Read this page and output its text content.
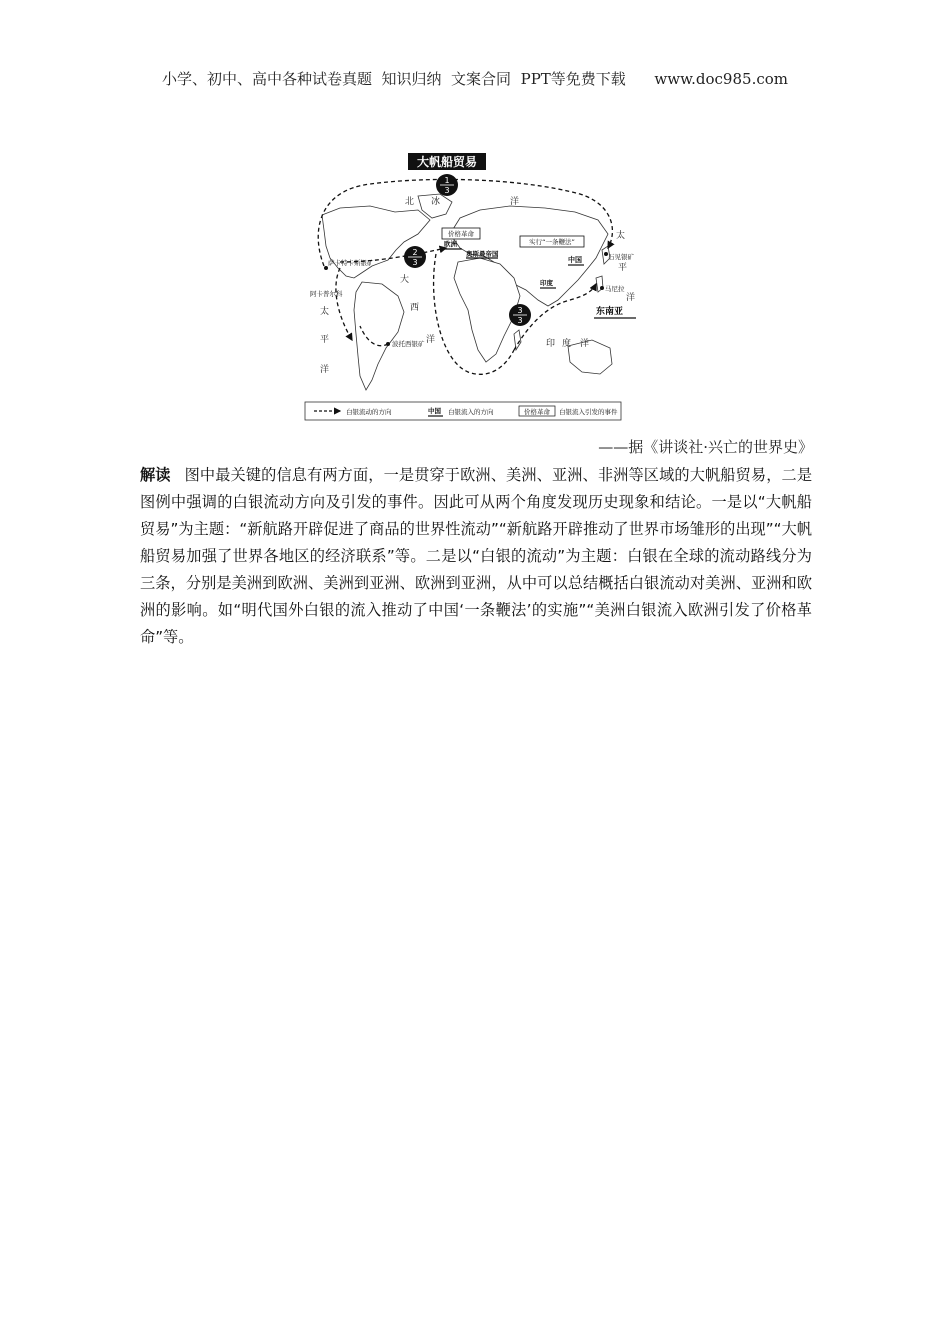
小学、初中、高中各种试卷真题  知识归纳  文案合同  PPT等免费下载      www.doc985.com
大帆船贸易
1
3
2
3
3
3
北 冰	洋
大
西
洋
太
平
洋
太
平
洋
印 度 洋
萨卡特卡斯银矿
阿卡普尔科
波托西银矿
欧洲
奥斯曼帝国
中国
印度
石见银矿
马尼拉
东南亚
价格革命
实行“一条鞭法”
白银流动的方向	中国 白银流入的方向	价格革命 白银流入引发的事件
——据《讲谈社·兴亡的世界史》
解读 图中最关键的信息有两方面，一是贯穿于欧洲、美洲、亚洲、非洲等区域的大帆船贸易，二是图例中强调的白银流动方向及引发的事件。因此可从两个角度发现历史现象和结论。一是以“大帆船贸易”为主题：“新航路开辟促进了商品的世界性流动”“新航路开辟推动了世界市场雏形的出现”“大帆船贸易加强了世界各地区的经济联系”等。二是以“白银的流动”为主题：白银在全球的流动路线分为三条，分别是美洲到欧洲、美洲到亚洲、欧洲到亚洲，从中可以总结概括白银流动对美洲、亚洲和欧洲的影响。如“明代国外白银的流入推动了中国‘一条鞭法’的实施”“美洲白银流入欧洲引发了价格革命”等。
